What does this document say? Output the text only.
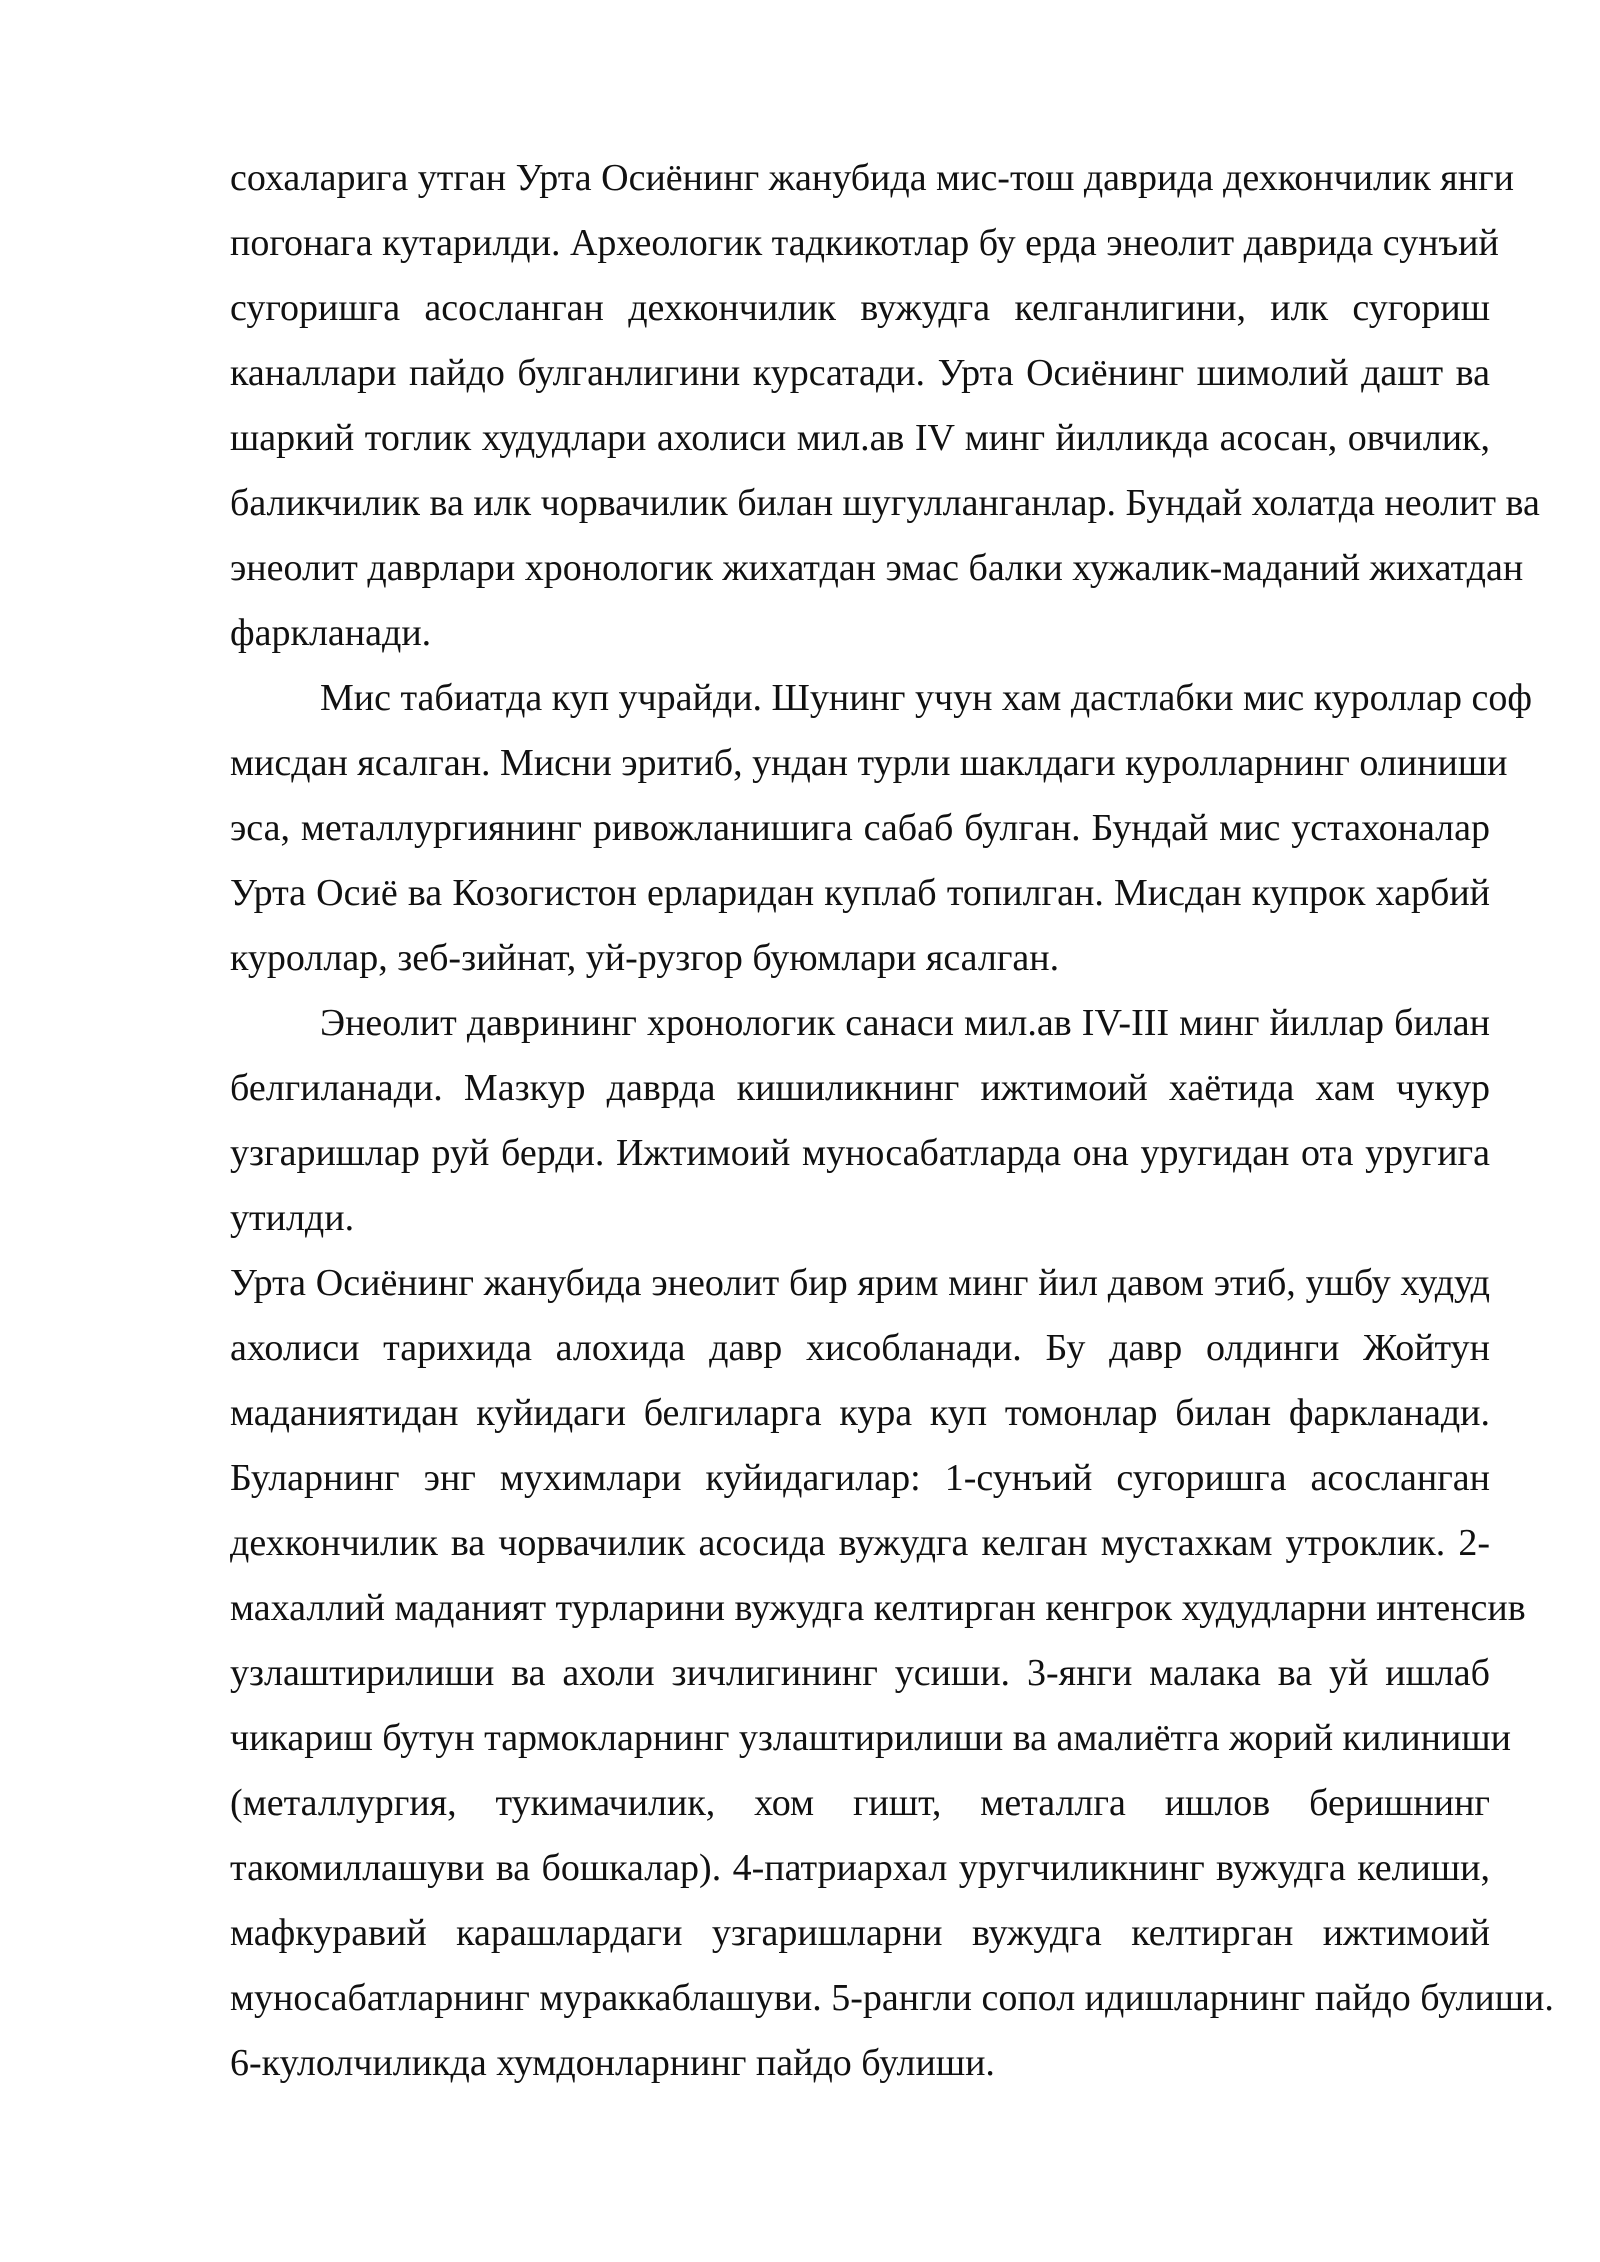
сохаларига утган Урта Осиёнинг жанубида мис-тош даврида дехкончилик янги
погонага кутарилди. Археологик тадкикотлар бу ерда энеолит даврида сунъий
сугоришга асосланган дехкончилик вужудга келганлигини, илк сугориш
каналлари пайдо булганлигини курсатади. Урта Осиёнинг шимолий дашт ва
шаркий тоглик худудлари ахолиси мил.ав IV минг йилликда асосан, овчилик,
баликчилик ва илк чорвачилик билан шугулланганлар. Бундай холатда неолит ва
энеолит даврлари хронологик жихатдан эмас балки хужалик-маданий жихатдан
фаркланади.
Мис табиатда куп учрайди. Шунинг учун хам дастлабки мис куроллар соф
мисдан ясалган. Мисни эритиб, ундан турли шаклдаги куролларнинг олиниши
эса, металлургиянинг ривожланишига сабаб булган. Бундай мис устахоналар
Урта Осиё ва Козогистон ерларидан куплаб топилган. Мисдан купрок харбий
куроллар, зеб-зийнат, уй-рузгор буюмлари ясалган.
Энеолит даврининг хронологик санаси мил.ав IV-III минг йиллар билан
белгиланади. Мазкур даврда кишиликнинг ижтимоий хаётида хам чукур
узгаришлар руй берди. Ижтимоий муносабатларда она уругидан ота уругига
утилди.
Урта Осиёнинг жанубида энеолит бир ярим минг йил давом этиб, ушбу худуд
ахолиси тарихида алохида давр хисобланади. Бу давр олдинги Жойтун
маданиятидан куйидаги белгиларга кура куп томонлар билан фаркланади.
Буларнинг энг мухимлари куйидагилар: 1-сунъий сугоришга асосланган
дехкончилик ва чорвачилик асосида вужудга келган мустахкам утроклик. 2-
махаллий маданият турларини вужудга келтирган кенгрок худудларни интенсив
узлаштирилиши ва ахоли зичлигининг усиши. 3-янги малака ва уй ишлаб
чикариш бутун тармокларнинг узлаштирилиши ва амалиётга жорий килиниши
(металлургия, тукимачилик, хом гишт, металлга ишлов беришнинг
такомиллашуви ва бошкалар). 4-патриархал уругчиликнинг вужудга келиши,
мафкуравий карашлардаги узгаришларни вужудга келтирган ижтимоий
муносабатларнинг мураккаблашуви. 5-рангли сопол идишларнинг пайдо булиши.
6-кулолчиликда хумдонларнинг пайдо булиши.
